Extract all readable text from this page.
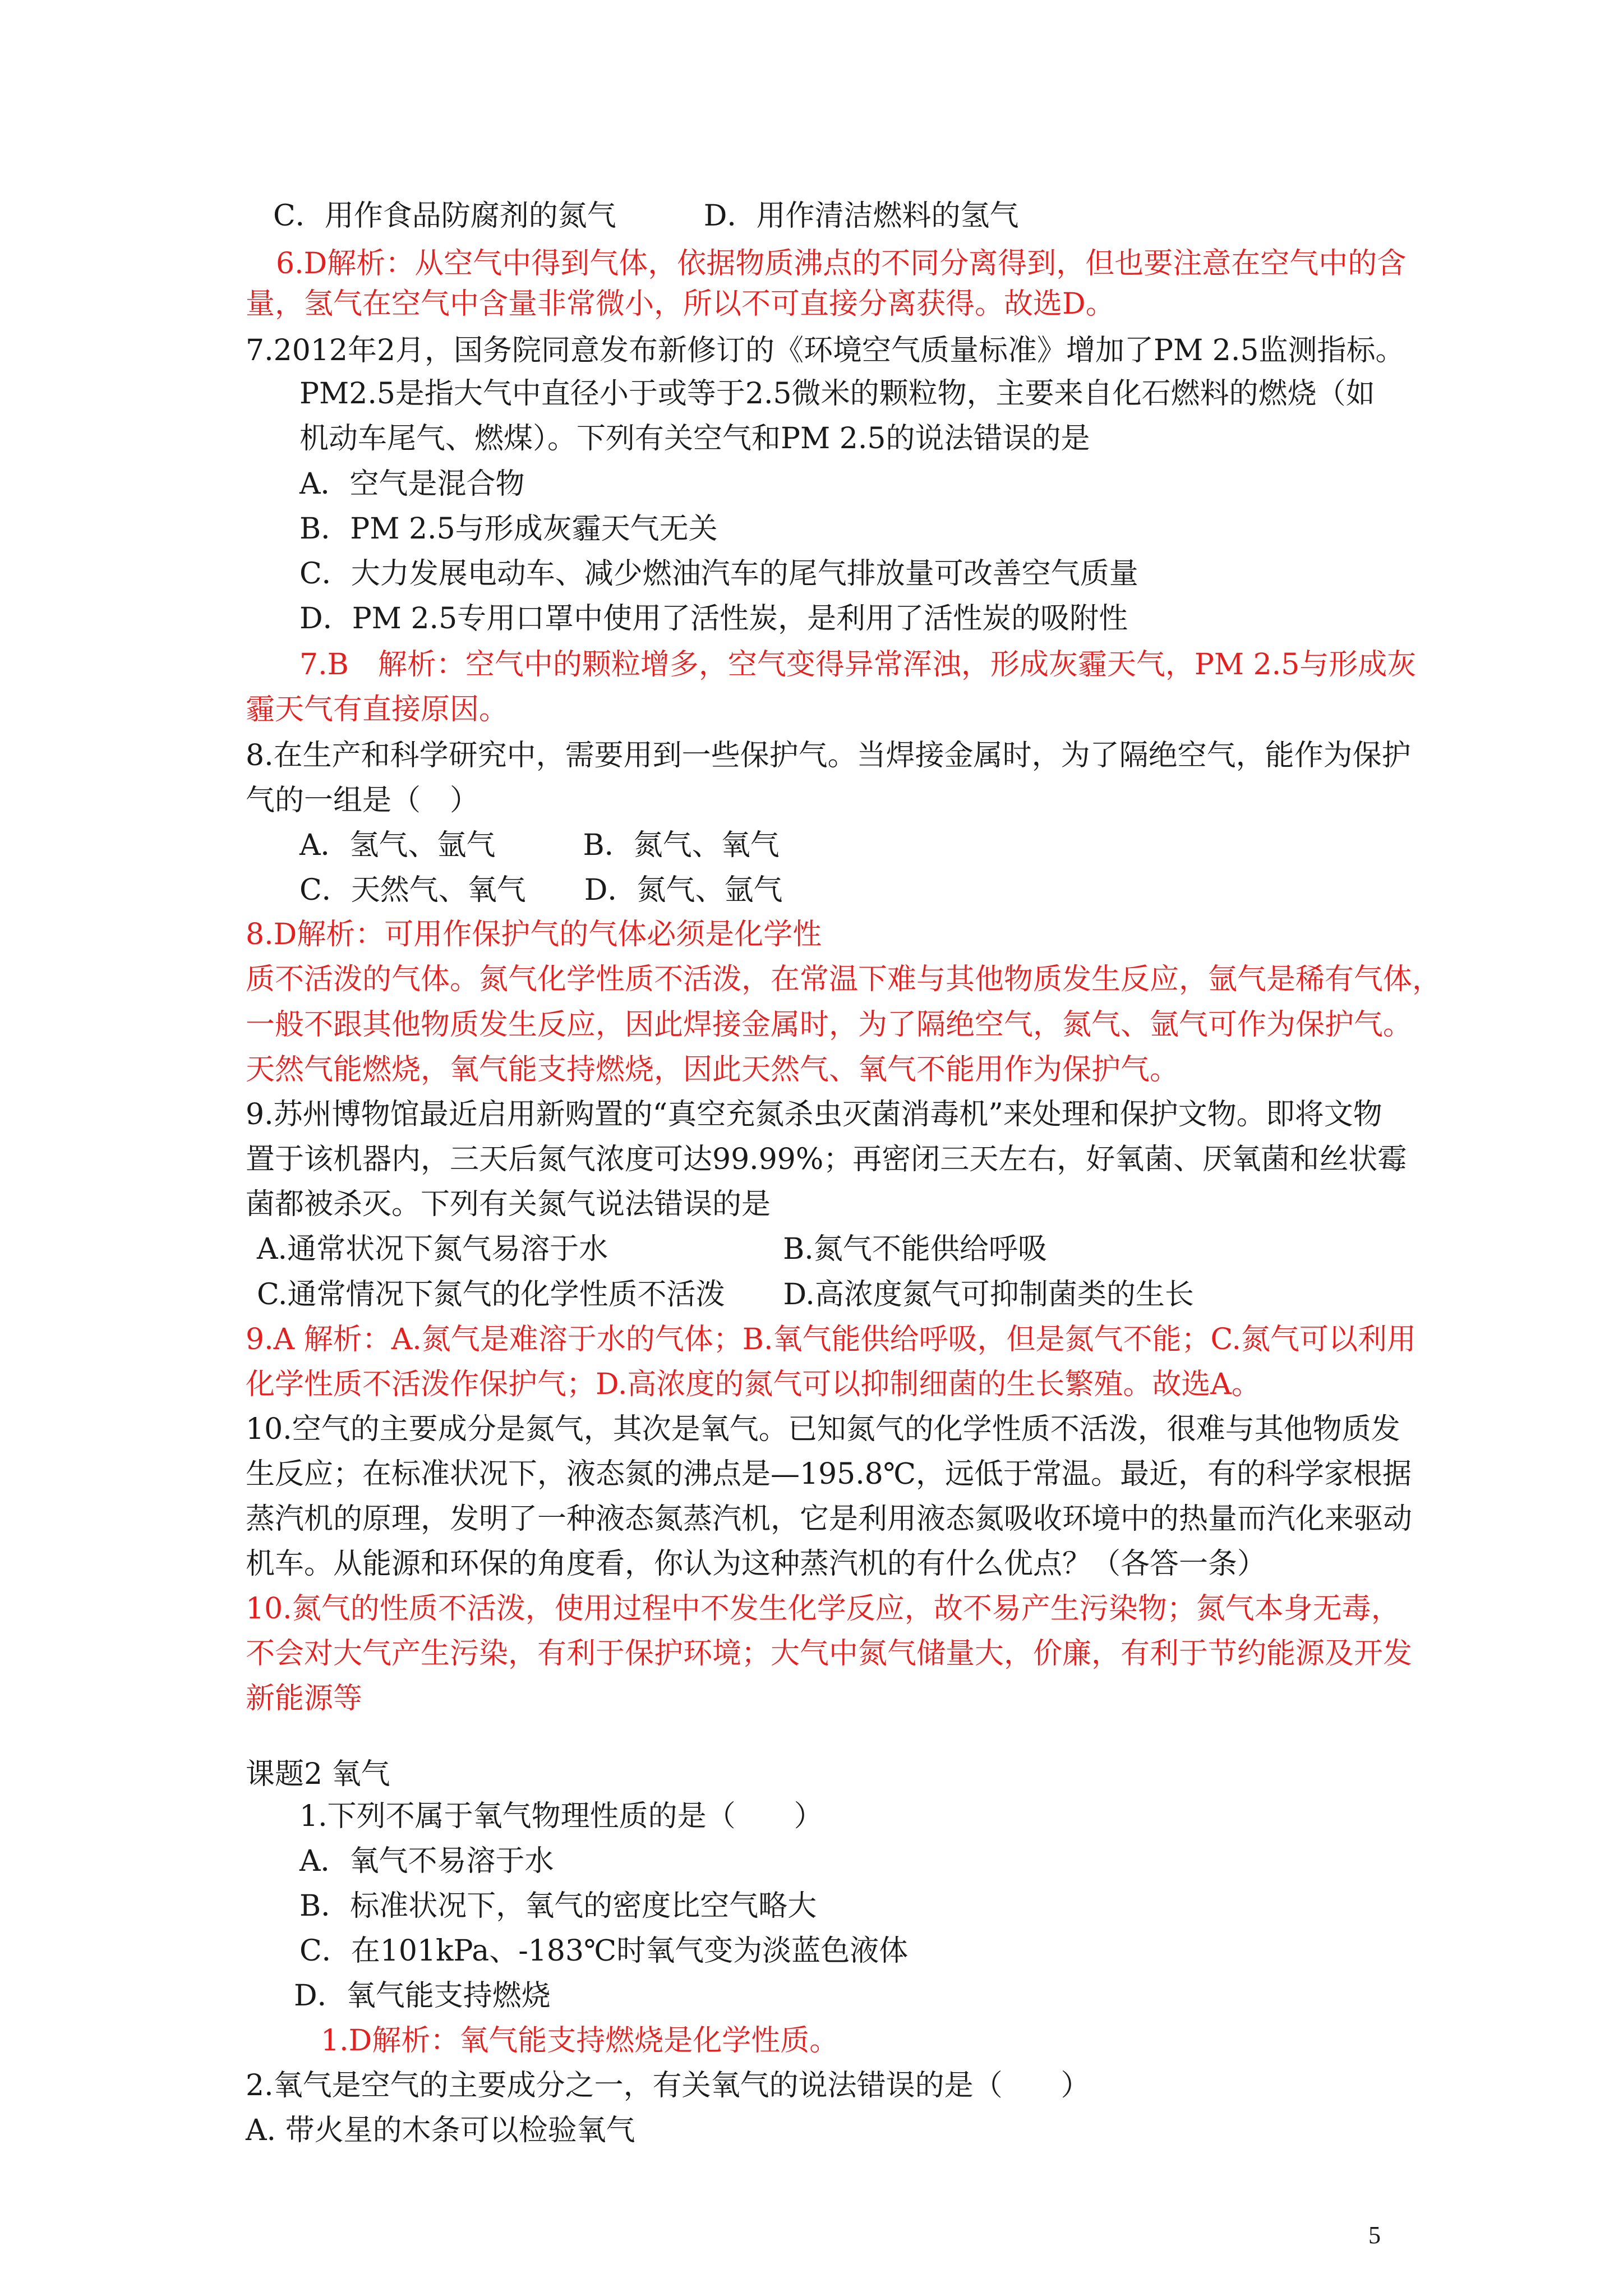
C．用作食品防腐剂的氮气　　　D．用作清洁燃料的氢气
6.D解析：从空气中得到气体，依据物质沸点的不同分离得到，但也要注意在空气中的含
量，氢气在空气中含量非常微小，所以不可直接分离获得。故选D。
7.2012年2月，国务院同意发布新修订的《环境空气质量标准》增加了PM 2.5监测指标。
PM2.5是指大气中直径小于或等于2.5微米的颗粒物，主要来自化石燃料的燃烧（如
机动车尾气、燃煤）。下列有关空气和PM 2.5的说法错误的是
A．空气是混合物
B．PM 2.5与形成灰霾天气无关
C．大力发展电动车、减少燃油汽车的尾气排放量可改善空气质量
D．PM 2.5专用口罩中使用了活性炭，是利用了活性炭的吸附性
7.B　解析：空气中的颗粒增多，空气变得异常浑浊，形成灰霾天气，PM 2.5与形成灰
霾天气有直接原因。
8.在生产和科学研究中，需要用到一些保护气。当焊接金属时，为了隔绝空气，能作为保护
气的一组是（　）
A．氢气、氩气　　　B．氮气、氧气
C．天然气、氧气　　D．氮气、氩气
8.D解析：可用作保护气的气体必须是化学性
质不活泼的气体。氮气化学性质不活泼，在常温下难与其他物质发生反应，氩气是稀有气体，
一般不跟其他物质发生反应，因此焊接金属时，为了隔绝空气，氮气、氩气可作为保护气。
天然气能燃烧，氧气能支持燃烧，因此天然气、氧气不能用作为保护气。
9.苏州博物馆最近启用新购置的“真空充氮杀虫灭菌消毒机”来处理和保护文物。即将文物
置于该机器内，三天后氮气浓度可达99.99%；再密闭三天左右，好氧菌、厌氧菌和丝状霉
菌都被杀灭。下列有关氮气说法错误的是
A.通常状况下氮气易溶于水　　　　　　B.氮气不能供给呼吸
C.通常情况下氮气的化学性质不活泼　　D.高浓度氮气可抑制菌类的生长
9.A 解析：A.氮气是难溶于水的气体；B.氧气能供给呼吸，但是氮气不能；C.氮气可以利用
化学性质不活泼作保护气；D.高浓度的氮气可以抑制细菌的生长繁殖。故选A。
10.空气的主要成分是氮气，其次是氧气。已知氮气的化学性质不活泼，很难与其他物质发
生反应；在标准状况下，液态氮的沸点是—195.8℃，远低于常温。最近，有的科学家根据
蒸汽机的原理，发明了一种液态氮蒸汽机，它是利用液态氮吸收环境中的热量而汽化来驱动
机车。从能源和环保的角度看，你认为这种蒸汽机的有什么优点？（各答一条）
10.氮气的性质不活泼，使用过程中不发生化学反应，故不易产生污染物；氮气本身无毒，
不会对大气产生污染，有利于保护环境；大气中氮气储量大，价廉，有利于节约能源及开发
新能源等
课题2 氧气
1.下列不属于氧气物理性质的是（　　）
A．氧气不易溶于水
B．标准状况下，氧气的密度比空气略大
C．在101kPa、-183℃时氧气变为淡蓝色液体
D．氧气能支持燃烧
1.D解析：氧气能支持燃烧是化学性质。
2.氧气是空气的主要成分之一，有关氧气的说法错误的是（　　）
A. 带火星的木条可以检验氧气
5
